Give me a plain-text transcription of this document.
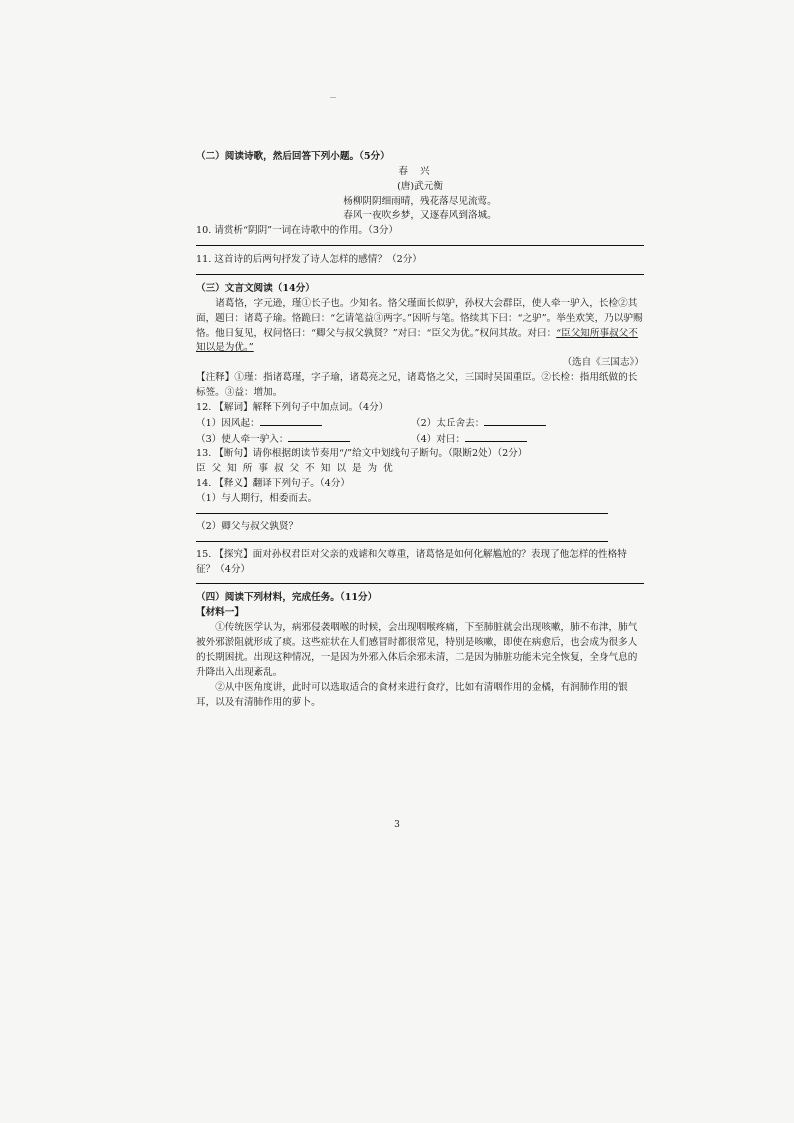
（二）阅读诗歌，然后回答下列小题。（5分）

春兴

(唐)武元衡

杨柳阴阴细雨晴，残花落尽见流莺。

春风一夜吹乡梦，又逐春风到洛城。

10. 请赏析“阴阴”一词在诗歌中的作用。（3分）

11. 这首诗的后两句抒发了诗人怎样的感情？（2分）

（三）文言文阅读（14分）

诸葛恪，字元逊，瑾①长子也。少知名。恪父瑾面长似驴，孙权大会群臣，使人牵一驴入，长检②其面，题曰：诸葛子瑜。恪跪曰：“乞请笔益③两字。”因听与笔。恪续其下曰：“之驴”。举坐欢笑，乃以驴赐恪。他日复见，权问恪曰：“卿父与叔父孰贤？”对曰：“臣父为优。”权问其故。对曰：“臣父知所事叔父不知以是为优。”

（选自《三国志》）

【注释】①瑾：指诸葛瑾，字子瑜，诸葛亮之兄，诸葛恪之父，三国时吴国重臣。②长检：指用纸做的长标签。③益：增加。

12. 【解词】解释下列句子中加点词。（4分）

（1）因风起：	（2）太丘舍去：
（3）使人牵一驴入：	（4）对曰：

13. 【断句】请你根据朗读节奏用“/”给文中划线句子断句。（限断2处）（2分）

臣父知所事叔父不知以是为优

14. 【释义】翻译下列句子。（4分）

（1）与人期行，相委而去。

（2）卿父与叔父孰贤？

15. 【探究】面对孙权君臣对父亲的戏谑和欠尊重，诸葛恪是如何化解尴尬的？表现了他怎样的性格特征？（4分）

（四）阅读下列材料，完成任务。（11分）

【材料一】

①传统医学认为，病邪侵袭咽喉的时候，会出现咽喉疼痛，下至肺脏就会出现咳嗽，肺不布津，肺气被外邪淤阻就形成了痰。这些症状在人们感冒时都很常见，特别是咳嗽，即使在病愈后，也会成为很多人的长期困扰。出现这种情况，一是因为外邪入体后余邪未清，二是因为肺脏功能未完全恢复，全身气息的升降出入出现紊乱。

②从中医角度讲，此时可以选取适合的食材来进行食疗，比如有清咽作用的金橘，有润肺作用的银耳，以及有清肺作用的萝卜。

3
